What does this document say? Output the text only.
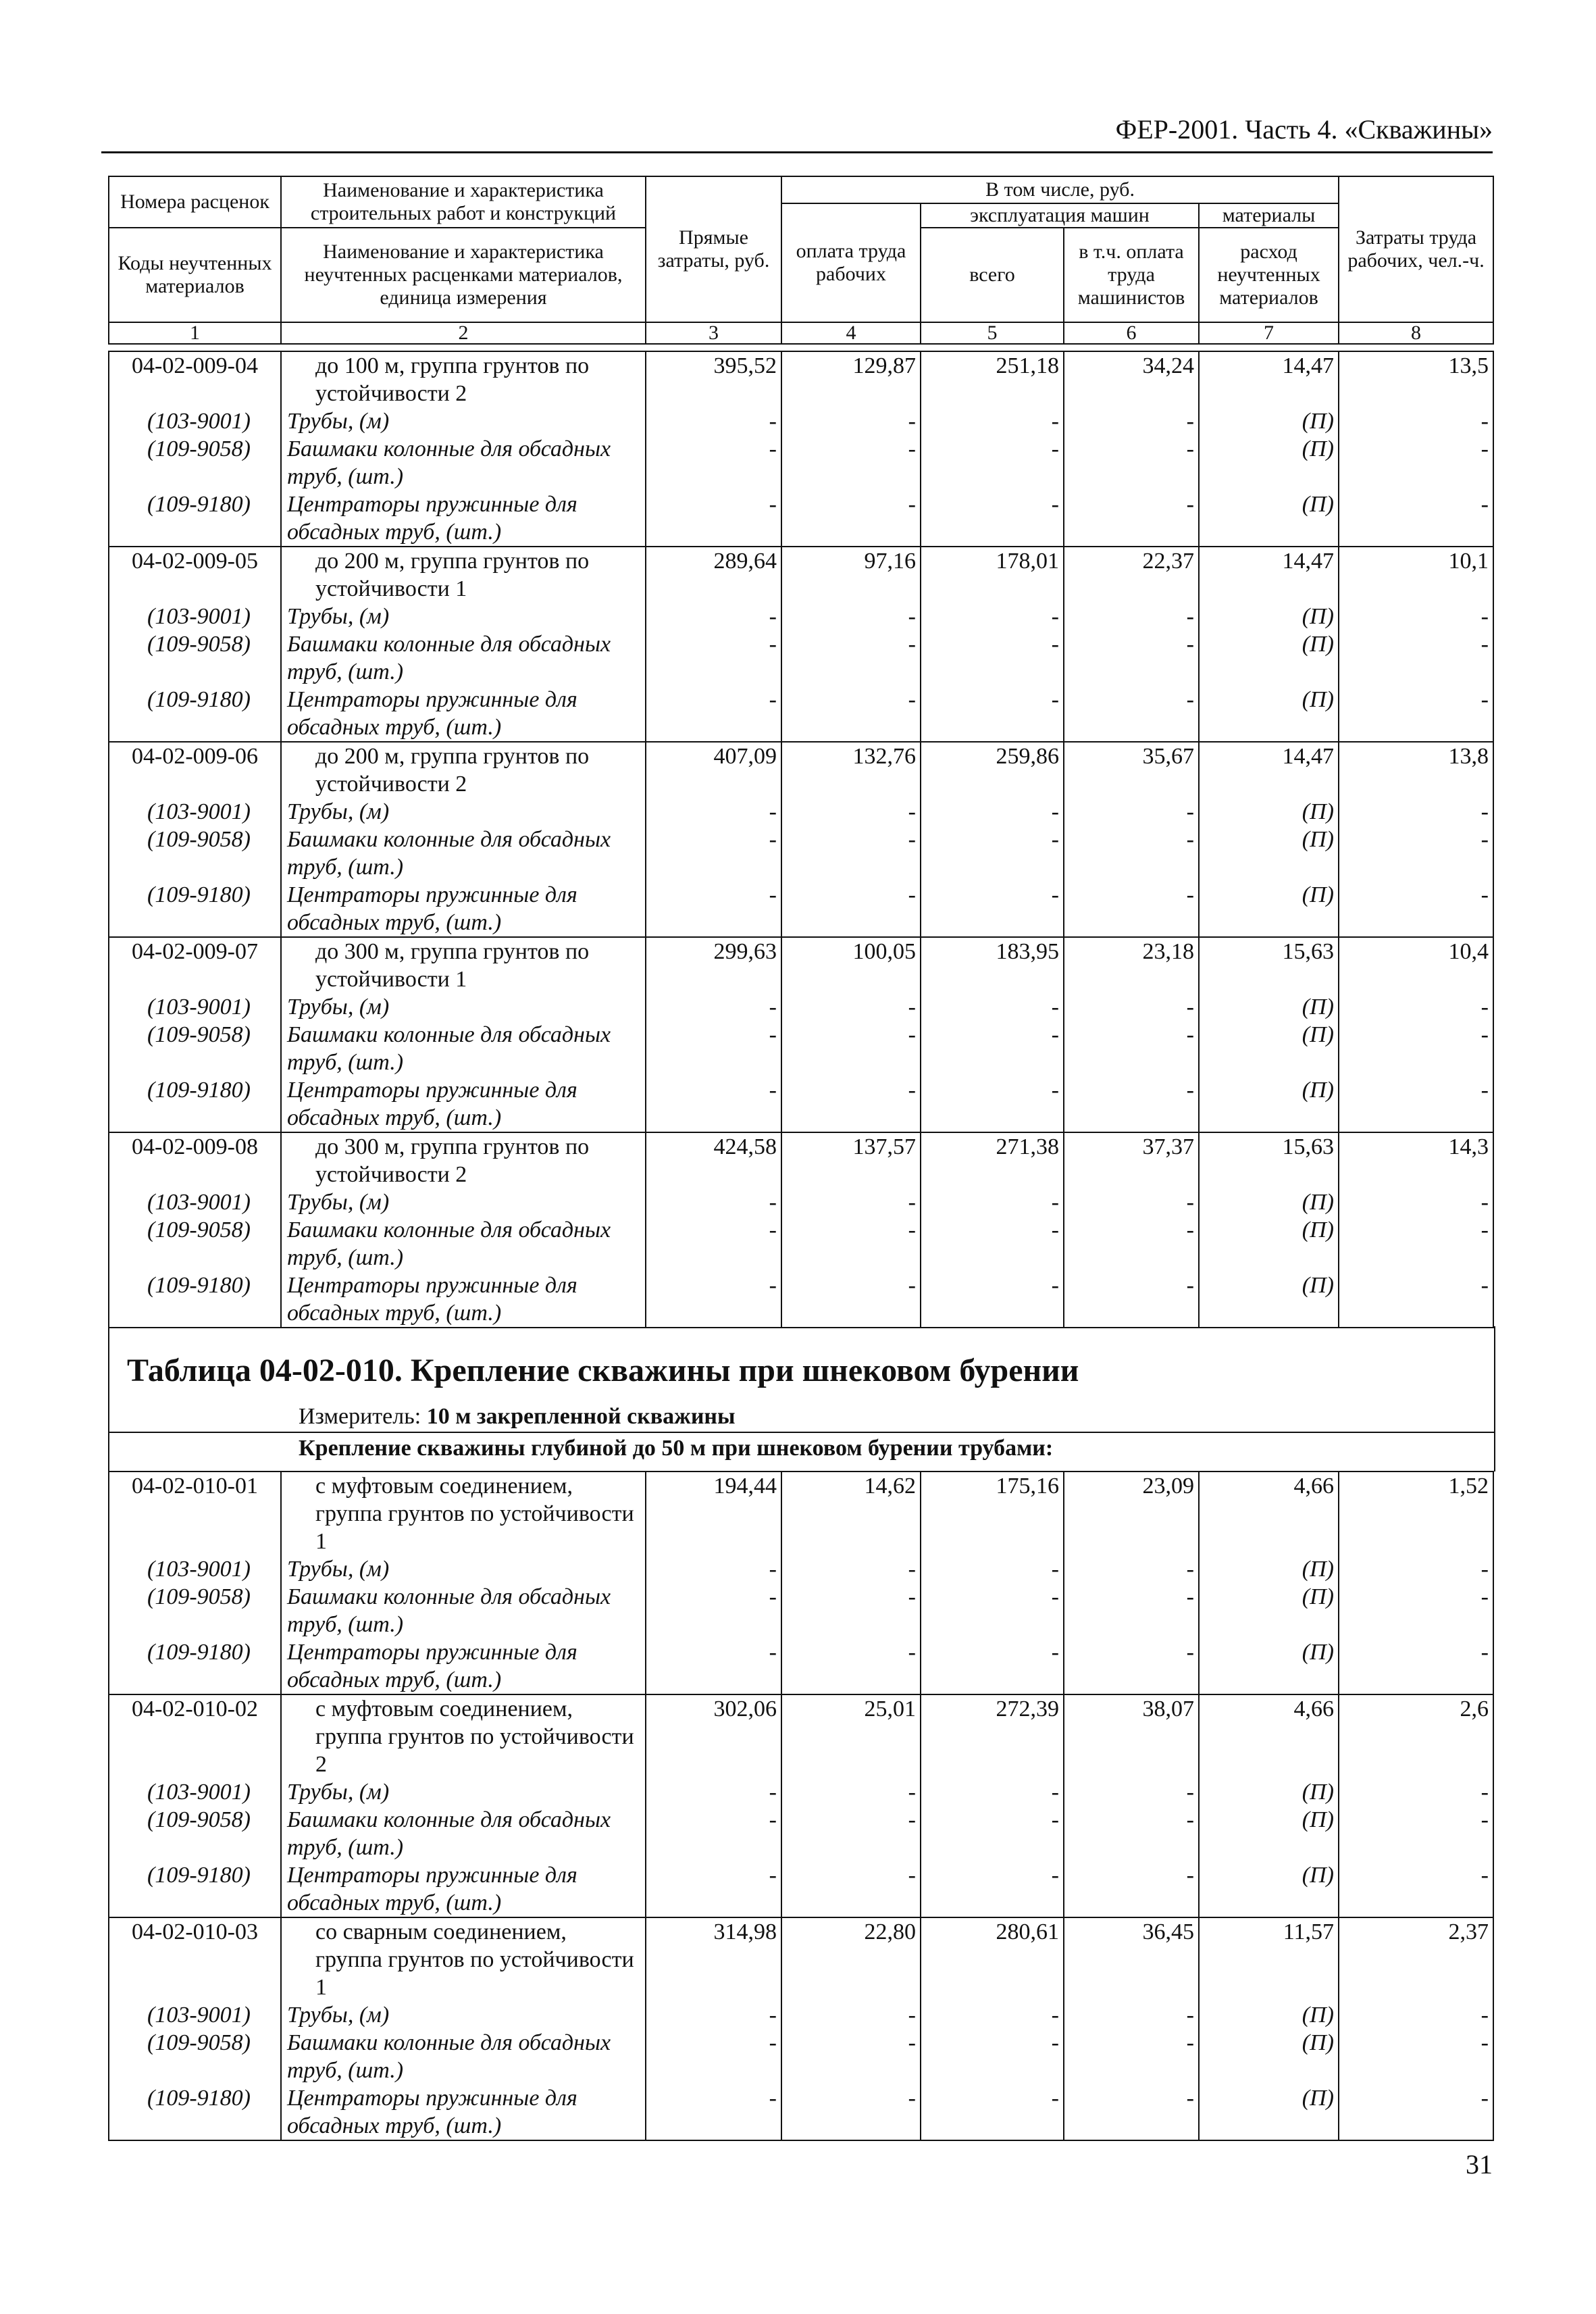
ФЕР-2001. Часть 4. «Скважины»
Номера расценок	Наименование и характеристика строительных работ и конструкций	Прямые затраты, руб.	В том числе, руб.				Затраты труда рабочих, чел.-ч.
			оплата труда рабочих	эксплуатация машин		материалы	
Коды неучтенных материалов	Наименование и характеристика неучтенных расценками материалов, единица измерения			всего	в т.ч. оплата труда машинистов	расход неучтенных материалов	

1	2	3	4	5	6	7	8
04-02-009-04	до 100 м, группа грунтов по	395,52	129,87	251,18	34,24	14,47	13,5
	устойчивости 2						
(103-9001)	Трубы, (м)	-	-	-	-	(П)	-
(109-9058)	Башмаки колонные для обсадных	-	-	-	-	(П)	-
	труб, (шт.)						
(109-9180)	Центраторы пружинные для	-	-	-	-	(П)	-
	обсадных труб, (шт.)						
04-02-009-05	до 200 м, группа грунтов по	289,64	97,16	178,01	22,37	14,47	10,1
	устойчивости 1						
(103-9001)	Трубы, (м)	-	-	-	-	(П)	-
(109-9058)	Башмаки колонные для обсадных	-	-	-	-	(П)	-
	труб, (шт.)						
(109-9180)	Центраторы пружинные для	-	-	-	-	(П)	-
	обсадных труб, (шт.)						
04-02-009-06	до 200 м, группа грунтов по	407,09	132,76	259,86	35,67	14,47	13,8
	устойчивости 2						
(103-9001)	Трубы, (м)	-	-	-	-	(П)	-
(109-9058)	Башмаки колонные для обсадных	-	-	-	-	(П)	-
	труб, (шт.)						
(109-9180)	Центраторы пружинные для	-	-	-	-	(П)	-
	обсадных труб, (шт.)						
04-02-009-07	до 300 м, группа грунтов по	299,63	100,05	183,95	23,18	15,63	10,4
	устойчивости 1						
(103-9001)	Трубы, (м)	-	-	-	-	(П)	-
(109-9058)	Башмаки колонные для обсадных	-	-	-	-	(П)	-
	труб, (шт.)						
(109-9180)	Центраторы пружинные для	-	-	-	-	(П)	-
	обсадных труб, (шт.)						
04-02-009-08	до 300 м, группа грунтов по	424,58	137,57	271,38	37,37	15,63	14,3
	устойчивости 2						
(103-9001)	Трубы, (м)	-	-	-	-	(П)	-
(109-9058)	Башмаки колонные для обсадных	-	-	-	-	(П)	-
	труб, (шт.)						
(109-9180)	Центраторы пружинные для	-	-	-	-	(П)	-
	обсадных труб, (шт.)						
Таблица 04-02-010. Крепление скважины при шнековом бурении
Измеритель: 10 м закрепленной скважины
Крепление скважины глубиной до 50 м при шнековом бурении трубами:
04-02-010-01	с муфтовым соединением,	194,44	14,62	175,16	23,09	4,66	1,52
	группа грунтов по устойчивости 1						
(103-9001)	Трубы, (м)	-	-	-	-	(П)	-
(109-9058)	Башмаки колонные для обсадных	-	-	-	-	(П)	-
	труб, (шт.)						
(109-9180)	Центраторы пружинные для	-	-	-	-	(П)	-
	обсадных труб, (шт.)						
04-02-010-02	с муфтовым соединением,	302,06	25,01	272,39	38,07	4,66	2,6
	группа грунтов по устойчивости 2						
(103-9001)	Трубы, (м)	-	-	-	-	(П)	-
(109-9058)	Башмаки колонные для обсадных	-	-	-	-	(П)	-
	труб, (шт.)						
(109-9180)	Центраторы пружинные для	-	-	-	-	(П)	-
	обсадных труб, (шт.)						
04-02-010-03	со сварным соединением,	314,98	22,80	280,61	36,45	11,57	2,37
	группа грунтов по устойчивости 1						
(103-9001)	Трубы, (м)	-	-	-	-	(П)	-
(109-9058)	Башмаки колонные для обсадных	-	-	-	-	(П)	-
	труб, (шт.)						
(109-9180)	Центраторы пружинные для	-	-	-	-	(П)	-
	обсадных труб, (шт.)						
31
